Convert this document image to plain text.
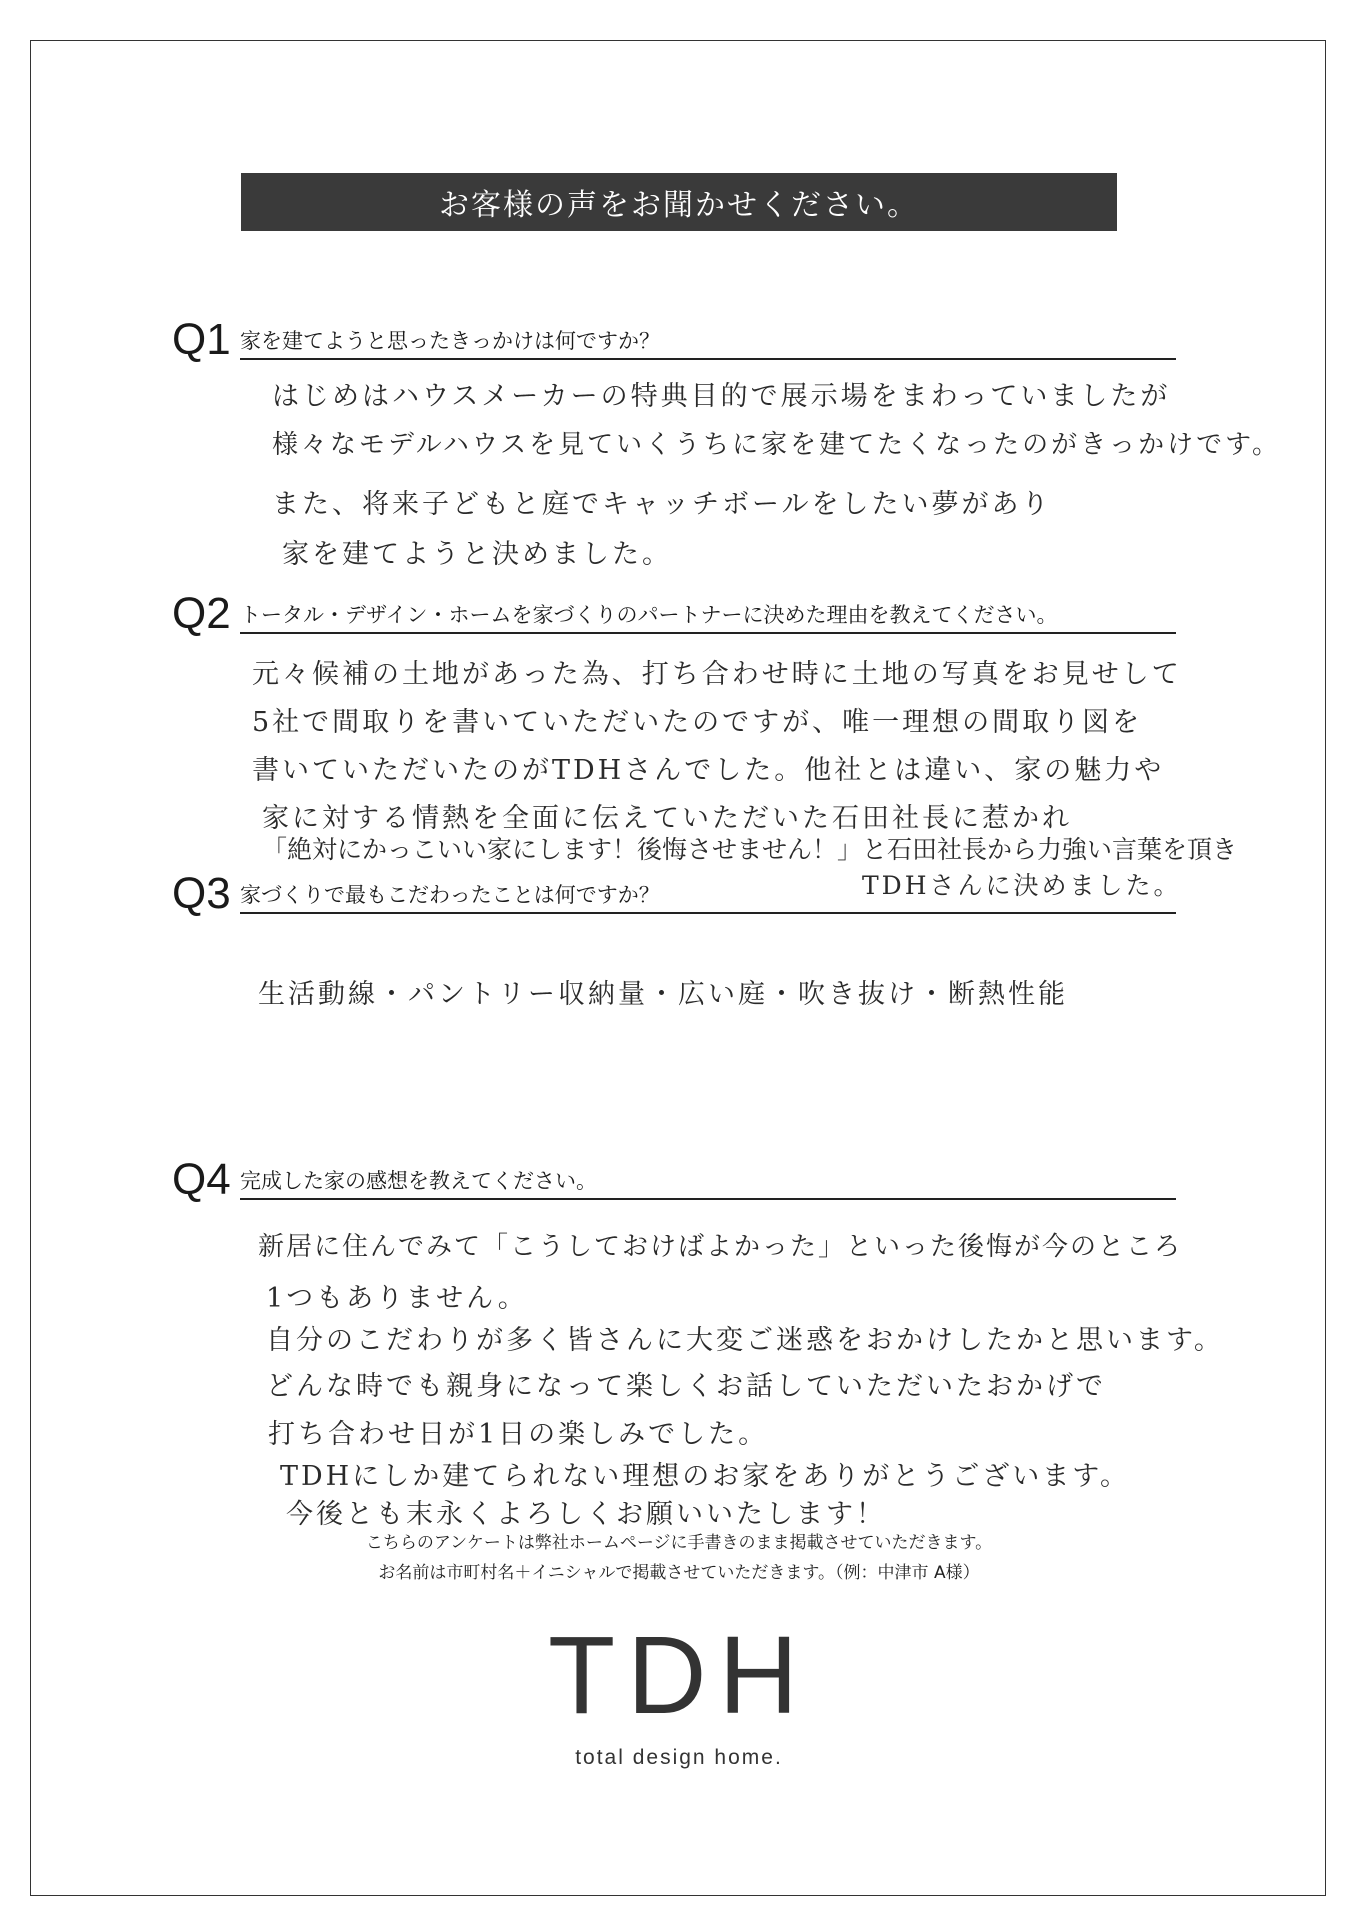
お客様の声をお聞かせください。
Q1 家を建てようと思ったきっかけは何ですか？
はじめはハウスメーカーの特典目的で展示場をまわっていましたが
様々なモデルハウスを見ていくうちに家を建てたくなったのがきっかけです。
また、将来子どもと庭でキャッチボールをしたい夢があり
家を建てようと決めました。
Q2 トータル・デザイン・ホームを家づくりのパートナーに決めた理由を教えてください。
元々候補の土地があった為、打ち合わせ時に土地の写真をお見せして
5社で間取りを書いていただいたのですが、唯一理想の間取り図を
書いていただいたのがTDHさんでした。他社とは違い、家の魅力や
家に対する情熱を全面に伝えていただいた石田社長に惹かれ
「絶対にかっこいい家にします！後悔させません！」と石田社長から力強い言葉を頂き
TDHさんに決めました。
Q3 家づくりで最もこだわったことは何ですか？
生活動線・パントリー収納量・広い庭・吹き抜け・断熱性能
Q4 完成した家の感想を教えてください。
新居に住んでみて「こうしておけばよかった」といった後悔が今のところ
1つもありません。
自分のこだわりが多く皆さんに大変ご迷惑をおかけしたかと思います。
どんな時でも親身になって楽しくお話していただいたおかげで
打ち合わせ日が1日の楽しみでした。
TDHにしか建てられない理想のお家をありがとうございます。
今後とも末永くよろしくお願いいたします！
こちらのアンケートは弊社ホームページに手書きのまま掲載させていただきます。
お名前は市町村名＋イニシャルで掲載させていただきます。（例：中津市 A様）
TDH
total design home.
